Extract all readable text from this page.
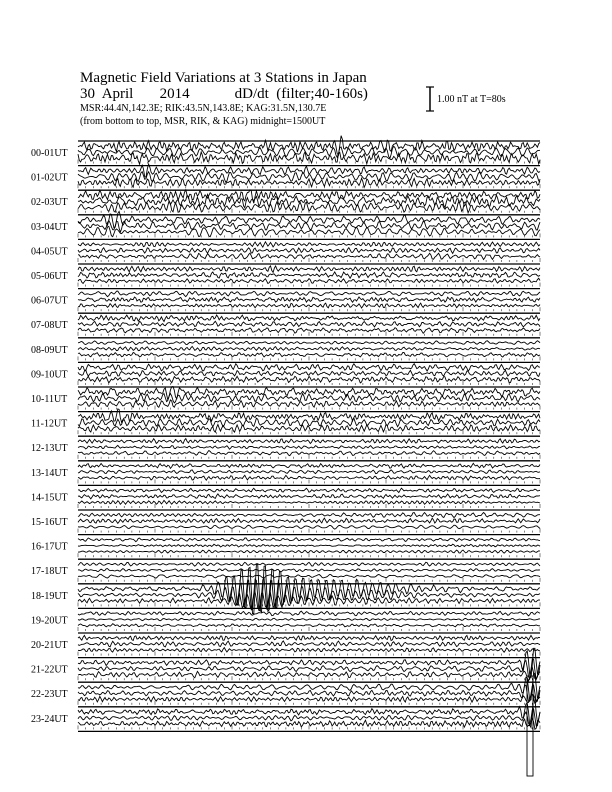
Magnetic Field Variations at 3 Stations in Japan
30 April 2014	dD/dt (filter;40-160s)
MSR:44.4N,142.3E; RIK:43.5N,143.8E; KAG:31.5N,130.7E
(from bottom to top, MSR, RIK, & KAG) midnight=1500UT
1.00 nT at T=80s
00-01UT
01-02UT
02-03UT
03-04UT
04-05UT
05-06UT
06-07UT
07-08UT
08-09UT
09-10UT
10-11UT
11-12UT
12-13UT
13-14UT
14-15UT
15-16UT
16-17UT
17-18UT
18-19UT
19-20UT
20-21UT
21-22UT
22-23UT
23-24UT
